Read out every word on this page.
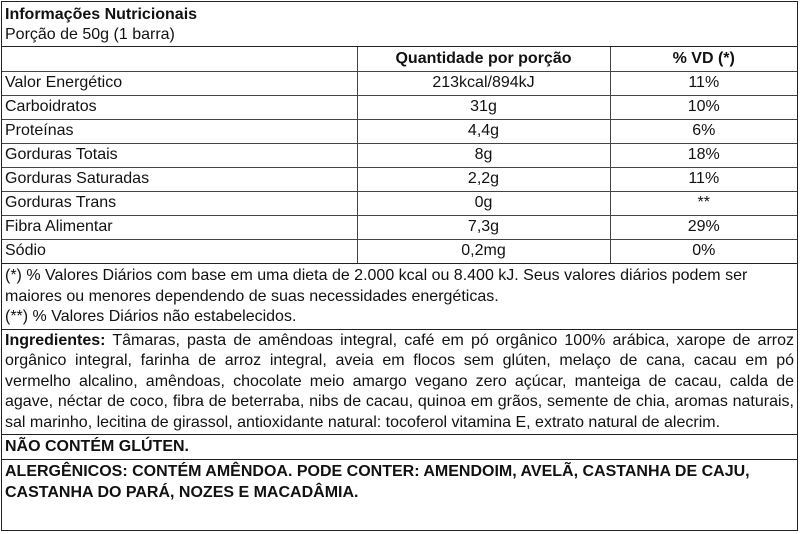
Informações Nutricionais
Porção de 50g (1 barra)
	Quantidade por porção	% VD (*)
Valor Energético	213kcal/894kJ	11%
Carboidratos	31g	10%
Proteínas	4,4g	6%
Gorduras Totais	8g	18%
Gorduras Saturadas	2,2g	11%
Gorduras Trans	0g	**
Fibra Alimentar	7,3g	29%
Sódio	0,2mg	0%
(*) % Valores Diários com base em uma dieta de 2.000 kcal ou 8.400 kJ. Seus valores diários podem ser maiores ou menores dependendo de suas necessidades energéticas.
(**) % Valores Diários não estabelecidos.
Ingredientes: Tâmaras, pasta de amêndoas integral, café em pó orgânico 100% arábica, xarope de arroz orgânico integral, farinha de arroz integral, aveia em flocos sem glúten, melaço de cana, cacau em pó vermelho alcalino, amêndoas, chocolate meio amargo vegano zero açúcar, manteiga de cacau, calda de agave, néctar de coco, fibra de beterraba, nibs de cacau, quinoa em grãos, semente de chia, aromas naturais, sal marinho, lecitina de girassol, antioxidante natural: tocoferol vitamina E, extrato natural de alecrim.
NÃO CONTÉM GLÚTEN.
ALERGÊNICOS: CONTÉM AMÊNDOA. PODE CONTER: AMENDOIM, AVELÃ, CASTANHA DE CAJU, CASTANHA DO PARÁ, NOZES E MACADÂMIA.
